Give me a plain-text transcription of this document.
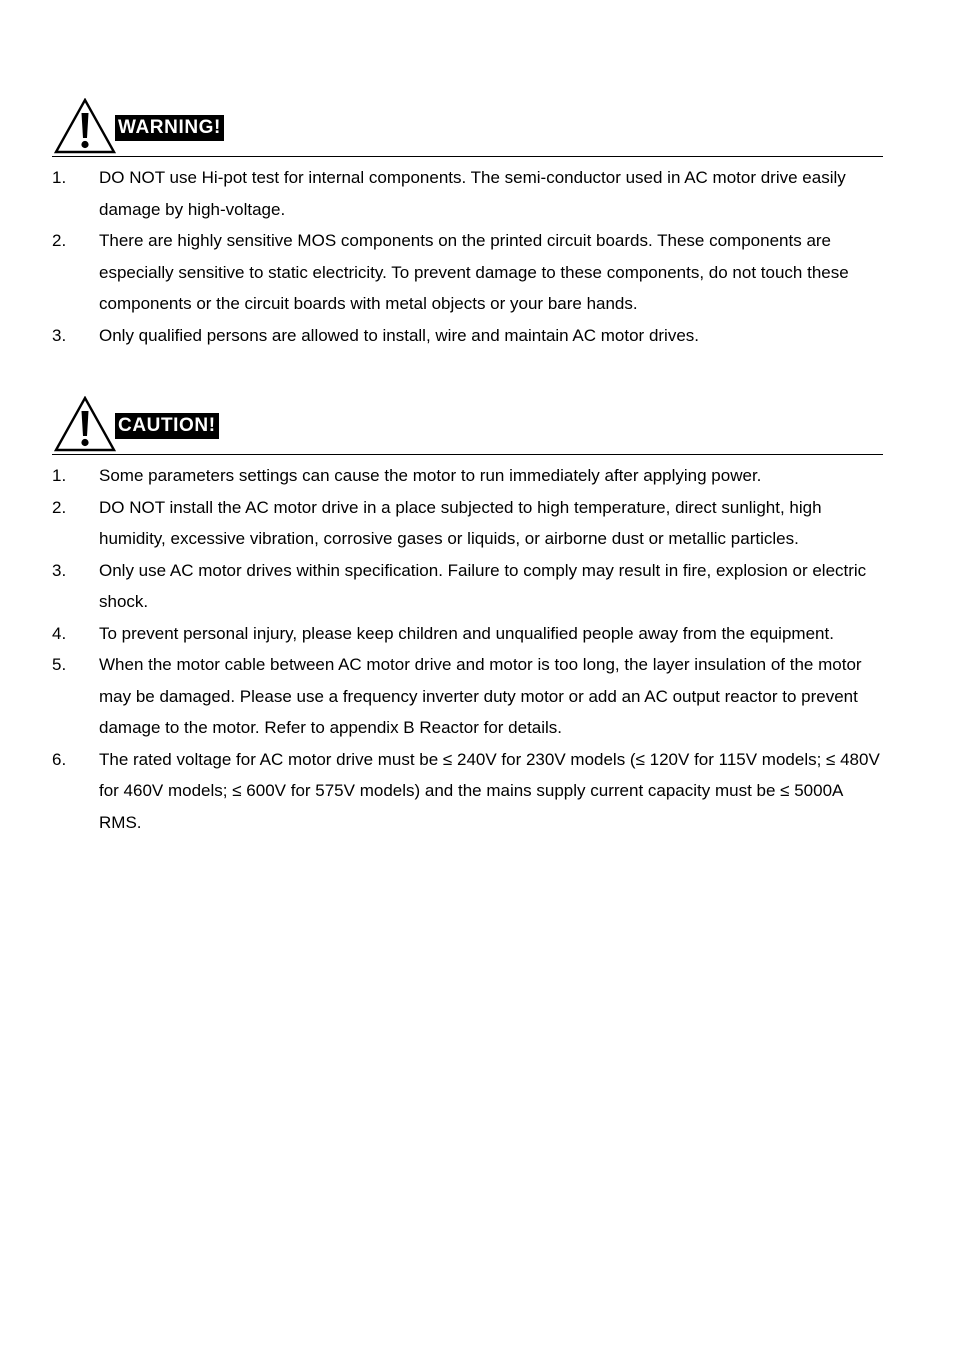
WARNING!
1. DO NOT use Hi-pot test for internal components. The semi-conductor used in AC motor drive easily damage by high-voltage.
2. There are highly sensitive MOS components on the printed circuit boards. These components are especially sensitive to static electricity. To prevent damage to these components, do not touch these components or the circuit boards with metal objects or your bare hands.
3. Only qualified persons are allowed to install, wire and maintain AC motor drives.
CAUTION!
1. Some parameters settings can cause the motor to run immediately after applying power.
2. DO NOT install the AC motor drive in a place subjected to high temperature, direct sunlight, high humidity, excessive vibration, corrosive gases or liquids, or airborne dust or metallic particles.
3. Only use AC motor drives within specification. Failure to comply may result in fire, explosion or electric shock.
4. To prevent personal injury, please keep children and unqualified people away from the equipment.
5. When the motor cable between AC motor drive and motor is too long, the layer insulation of the motor may be damaged. Please use a frequency inverter duty motor or add an AC output reactor to prevent damage to the motor. Refer to appendix B Reactor for details.
6. The rated voltage for AC motor drive must be ≤ 240V for 230V models (≤ 120V for 115V models; ≤ 480V for 460V models; ≤ 600V for 575V models) and the mains supply current capacity must be ≤ 5000A RMS.
